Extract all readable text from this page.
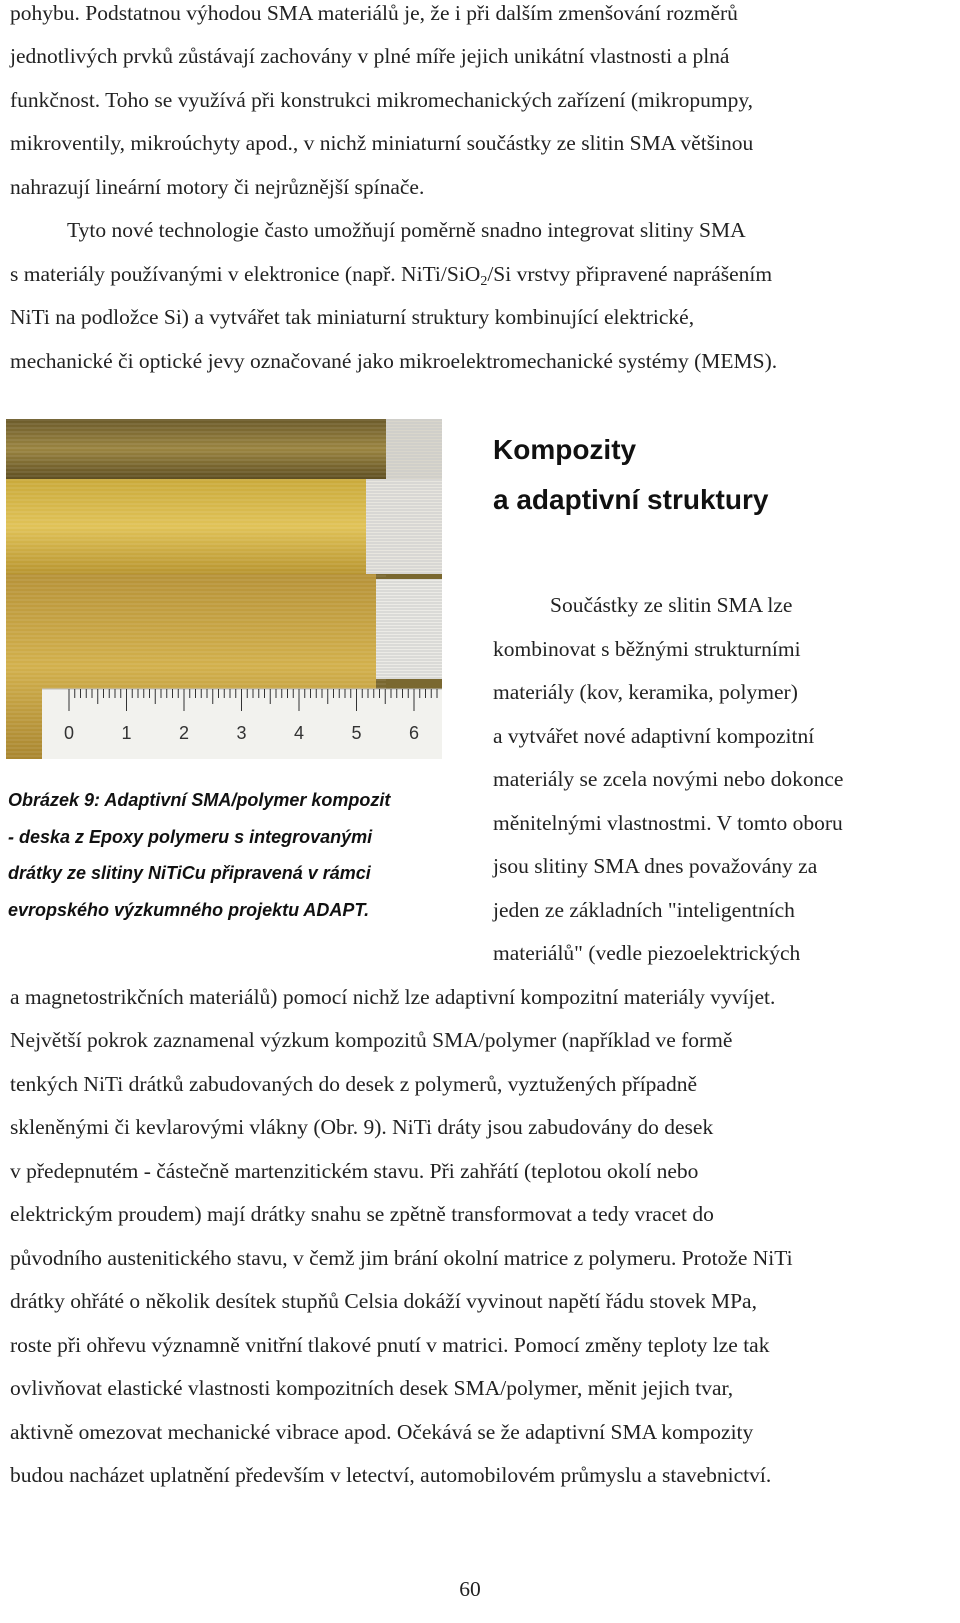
pohybu. Podstatnou výhodou SMA materiálů je, že i při dalším zmenšování rozměrů
jednotlivých prvků zůstávají zachovány v plné míře jejich unikátní vlastnosti a plná
funkčnost. Toho se využívá při konstrukci mikromechanických zařízení (mikropumpy,
mikroventily, mikroúchyty apod., v nichž miniaturní součástky ze slitin SMA většinou
nahrazují lineární motory či nejrůznější spínače.
Tyto nové technologie často umožňují poměrně snadno integrovat slitiny SMA
s materiály používanými v elektronice (např. NiTi/SiO$_2$/Si vrstvy připravené naprášením
NiTi na podložce Si) a vytvářet tak miniaturní struktury kombinující elektrické,
mechanické či optické jevy označované jako mikroelektromechanické systémy (MEMS).
0	1	2	3	4	5	6
Kompozity
a adaptivní struktury
Součástky ze slitin SMA lze
kombinovat s běžnými strukturními
materiály (kov, keramika, polymer)
a vytvářet nové adaptivní kompozitní
materiály se zcela novými nebo dokonce
měnitelnými vlastnostmi. V tomto oboru
jsou slitiny SMA dnes považovány za
jeden ze základních "inteligentních
materiálů" (vedle piezoelektrických
Obrázek 9: Adaptivní SMA/polymer kompozit
- deska z Epoxy polymeru s integrovanými
drátky ze slitiny NiTiCu připravená v rámci
evropského výzkumného projektu ADAPT.
a magnetostrikčních materiálů) pomocí nichž lze adaptivní kompozitní materiály vyvíjet.
Největší pokrok zaznamenal výzkum kompozitů SMA/polymer (například ve formě
tenkých NiTi drátků zabudovaných do desek z polymerů, vyztužených případně
skleněnými či kevlarovými vlákny (Obr. 9). NiTi dráty jsou zabudovány do desek
v předepnutém - částečně martenzitickém stavu. Při zahřátí (teplotou okolí nebo
elektrickým proudem) mají drátky snahu se zpětně transformovat a tedy vracet do
původního austenitického stavu, v čemž jim brání okolní matrice z polymeru. Protože NiTi
drátky ohřáté o několik desítek stupňů Celsia dokáží vyvinout napětí řádu stovek MPa,
roste při ohřevu významně vnitřní tlakové pnutí v matrici. Pomocí změny teploty lze tak
ovlivňovat elastické vlastnosti kompozitních desek SMA/polymer, měnit jejich tvar,
aktivně omezovat mechanické vibrace apod. Očekává se že adaptivní SMA kompozity
budou nacházet uplatnění především v letectví, automobilovém průmyslu a stavebnictví.
60
